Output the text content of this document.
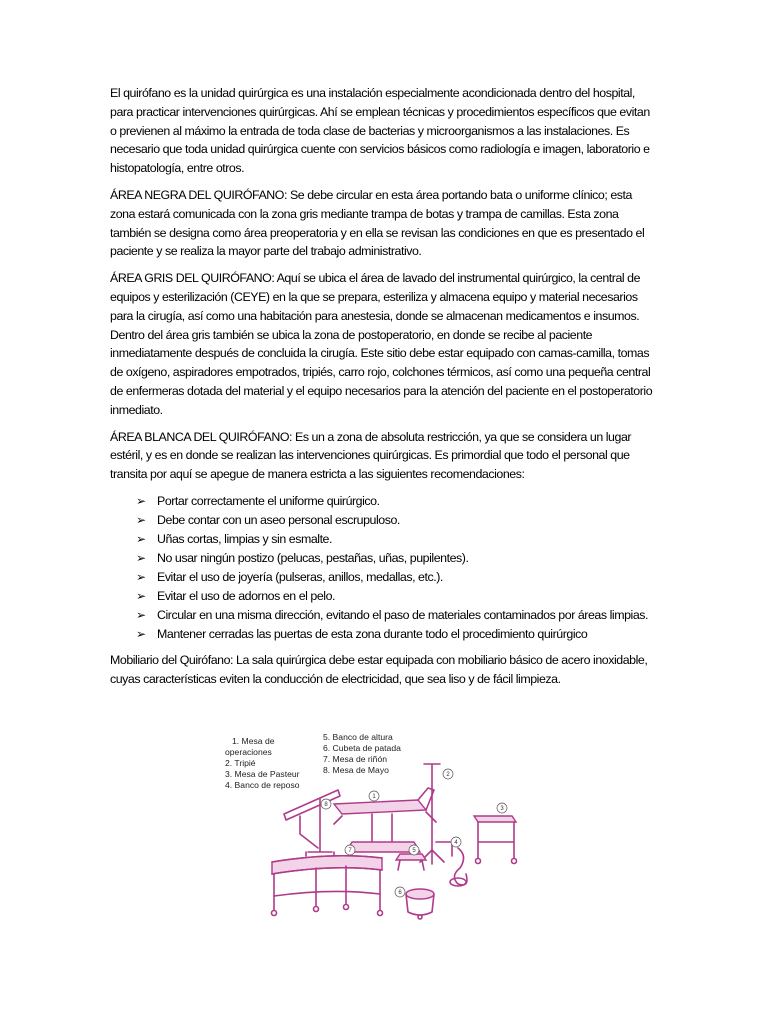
El quirófano es la unidad quirúrgica es una instalación especialmente acondicionada dentro del hospital, para practicar intervenciones quirúrgicas. Ahí se emplean técnicas y procedimientos específicos que evitan o previenen al máximo la entrada de toda clase de bacterias y microorganismos a las instalaciones. Es necesario que toda unidad quirúrgica cuente con servicios básicos como radiología e imagen, laboratorio e histopatología, entre otros.

ÁREA NEGRA DEL QUIRÓFANO: Se debe circular en esta área portando bata o uniforme clínico; esta zona estará comunicada con la zona gris mediante trampa de botas y trampa de camillas. Esta zona también se designa como área preoperatoria y en ella se revisan las condiciones en que es presentado el paciente y se realiza la mayor parte del trabajo administrativo.

ÁREA GRIS DEL QUIRÓFANO: Aquí se ubica el área de lavado del instrumental quirúrgico, la central de equipos y esterilización (CEYE) en la que se prepara, esteriliza y almacena equipo y material necesarios para la cirugía, así como una habitación para anestesia, donde se almacenan medicamentos e insumos. Dentro del área gris también se ubica la zona de postoperatorio, en donde se recibe al paciente inmediatamente después de concluida la cirugía. Este sitio debe estar equipado con camas-camilla, tomas de oxígeno, aspiradores empotrados, tripiés, carro rojo, colchones térmicos, así como una pequeña central de enfermeras dotada del material y el equipo necesarios para la atención del paciente en el postoperatorio inmediato.

ÁREA BLANCA DEL QUIRÓFANO: Es un a zona de absoluta restricción, ya que se considera un lugar estéril, y es en donde se realizan las intervenciones quirúrgicas. Es primordial que todo el personal que transita por aquí se apegue de manera estricta a las siguientes recomendaciones:

➢ Portar correctamente el uniforme quirúrgico.
➢ Debe contar con un aseo personal escrupuloso.
➢ Uñas cortas, limpias y sin esmalte.
➢ No usar ningún postizo (pelucas, pestañas, uñas, pupilentes).
➢ Evitar el uso de joyería (pulseras, anillos, medallas, etc.).
➢ Evitar el uso de adornos en el pelo.
➢ Circular en una misma dirección, evitando el paso de materiales contaminados por áreas limpias.
➢ Mantener cerradas las puertas de esta zona durante todo el procedimiento quirúrgico

Mobiliario del Quirófano: La sala quirúrgica debe estar equipada con mobiliario básico de acero inoxidable, cuyas características eviten la conducción de electricidad, que sea liso y de fácil limpieza.

1. Mesa de
operaciones
2. Tripié
3. Mesa de Pasteur
4. Banco de reposo
5. Banco de altura
6. Cubeta de patada
7. Mesa de riñón
8. Mesa de Mayo
1
2
3
4
5
6
7
8
